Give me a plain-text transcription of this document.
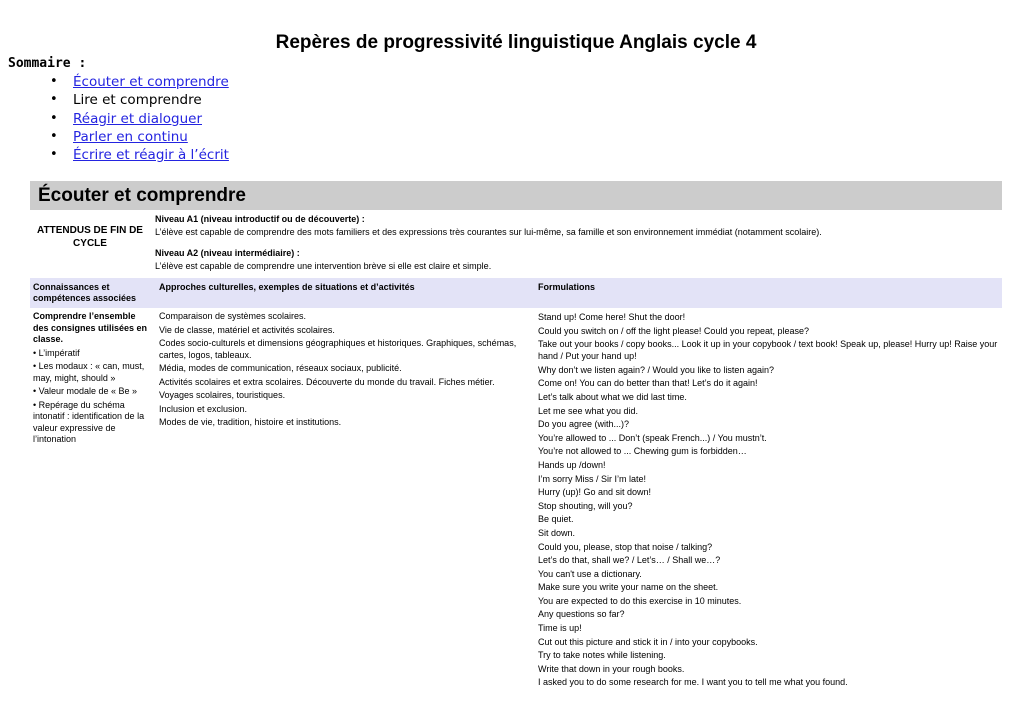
Repères de progressivité linguistique Anglais cycle 4
Sommaire :
• Écouter et comprendre
• Lire et comprendre
• Réagir et dialoguer
• Parler en continu
• Écrire et réagir à l’écrit
Écouter et comprendre
ATTENDUS DE FIN DE CYCLE
Niveau A1 (niveau introductif ou de découverte) :
L’élève est capable de comprendre des mots familiers et des expressions très courantes sur lui-même, sa famille et son environnement immédiat (notamment scolaire).
Niveau A2 (niveau intermédiaire) :
L’élève est capable de comprendre une intervention brève si elle est claire et simple.
Connaissances et compétences associées
Approches culturelles, exemples de situations et d’activités	Formulations
Comprendre l’ensemble des consignes utilisées en classe.
• L’impératif
• Les modaux : « can, must, may, might, should »
• Valeur modale de « Be »
• Repérage du schéma intonatif : identification de la valeur expressive de l’intonation
Comparaison de systèmes scolaires.
Vie de classe, matériel et activités scolaires.
Codes socio-culturels et dimensions géographiques et historiques. Graphiques, schémas, cartes, logos, tableaux.
Média, modes de communication, réseaux sociaux, publicité.
Activités scolaires et extra scolaires. Découverte du monde du travail. Fiches métier.
Voyages scolaires, touristiques.
Inclusion et exclusion.
Modes de vie, tradition, histoire et institutions.
Stand up! Come here! Shut the door!
Could you switch on / off the light please! Could you repeat, please?
Take out your books / copy books... Look it up in your copybook / text book! Speak up, please! Hurry up! Raise your hand / Put your hand up!
Why don’t we listen again? / Would you like to listen again?
Come on! You can do better than that! Let’s do it again!
Let’s talk about what we did last time.
Let me see what you did.
Do you agree (with...)?
You’re allowed to ... Don’t (speak French...) / You mustn’t.
You’re not allowed to ... Chewing gum is forbidden…
Hands up /down!
I’m sorry Miss / Sir I’m late!
Hurry (up)! Go and sit down!
Stop shouting, will you?
Be quiet.
Sit down.
Could you, please, stop that noise / talking?
Let’s do that, shall we? / Let’s… / Shall we…?
You can't use a dictionary.
Make sure you write your name on the sheet.
You are expected to do this exercise in 10 minutes.
Any questions so far?
Time is up!
Cut out this picture and stick it in / into your copybooks.
Try to take notes while listening.
Write that down in your rough books.
I asked you to do some research for me. I want you to tell me what you found.
